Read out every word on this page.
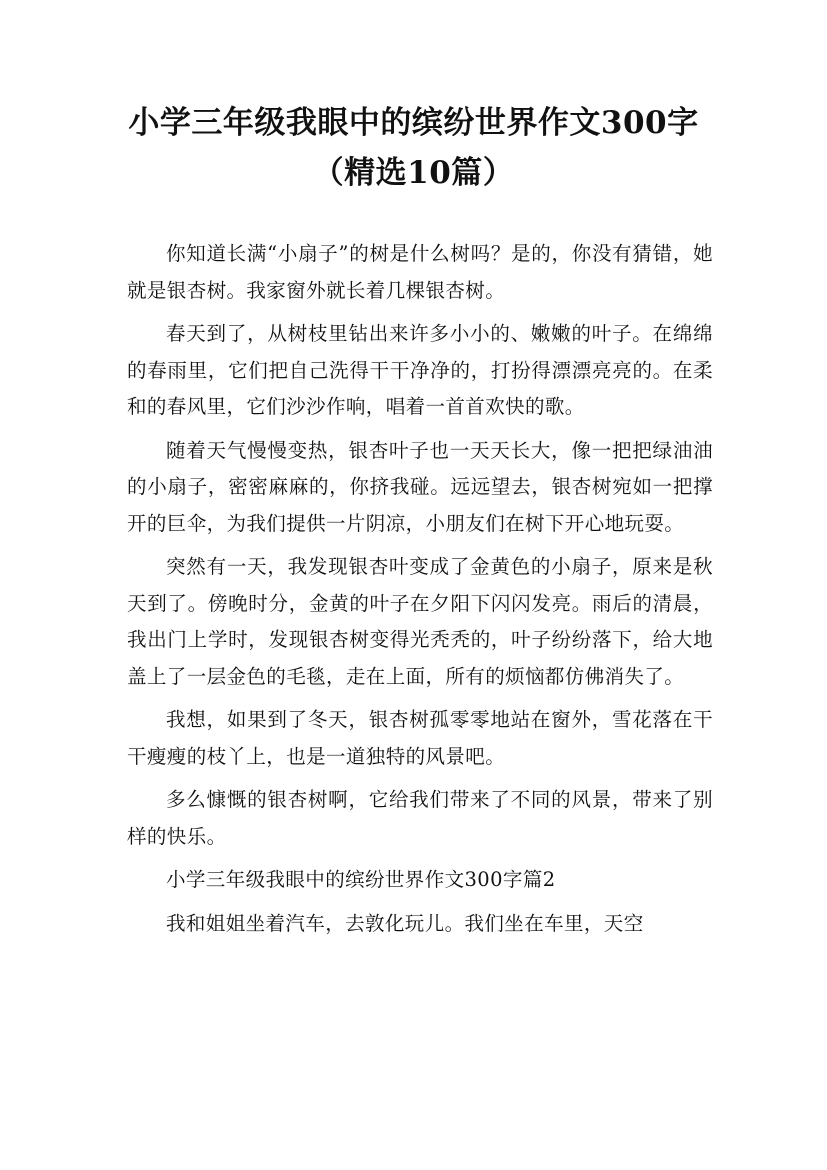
小学三年级我眼中的缤纷世界作文300字
（精选10篇）

你知道长满“小扇子”的树是什么树吗？是的，你没有猜错，她就是银杏树。我家窗外就长着几棵银杏树。

春天到了，从树枝里钻出来许多小小的、嫩嫩的叶子。在绵绵的春雨里，它们把自己洗得干干净净的，打扮得漂漂亮亮的。在柔和的春风里，它们沙沙作响，唱着一首首欢快的歌。

随着天气慢慢变热，银杏叶子也一天天长大，像一把把绿油油的小扇子，密密麻麻的，你挤我碰。远远望去，银杏树宛如一把撑开的巨伞，为我们提供一片阴凉，小朋友们在树下开心地玩耍。

突然有一天，我发现银杏叶变成了金黄色的小扇子，原来是秋天到了。傍晚时分，金黄的叶子在夕阳下闪闪发亮。雨后的清晨，我出门上学时，发现银杏树变得光秃秃的，叶子纷纷落下，给大地盖上了一层金色的毛毯，走在上面，所有的烦恼都仿佛消失了。

我想，如果到了冬天，银杏树孤零零地站在窗外，雪花落在干干瘦瘦的枝丫上，也是一道独特的风景吧。

多么慷慨的银杏树啊，它给我们带来了不同的风景，带来了别样的快乐。

小学三年级我眼中的缤纷世界作文300字篇2

我和姐姐坐着汽车，去敦化玩儿。我们坐在车里，天空
